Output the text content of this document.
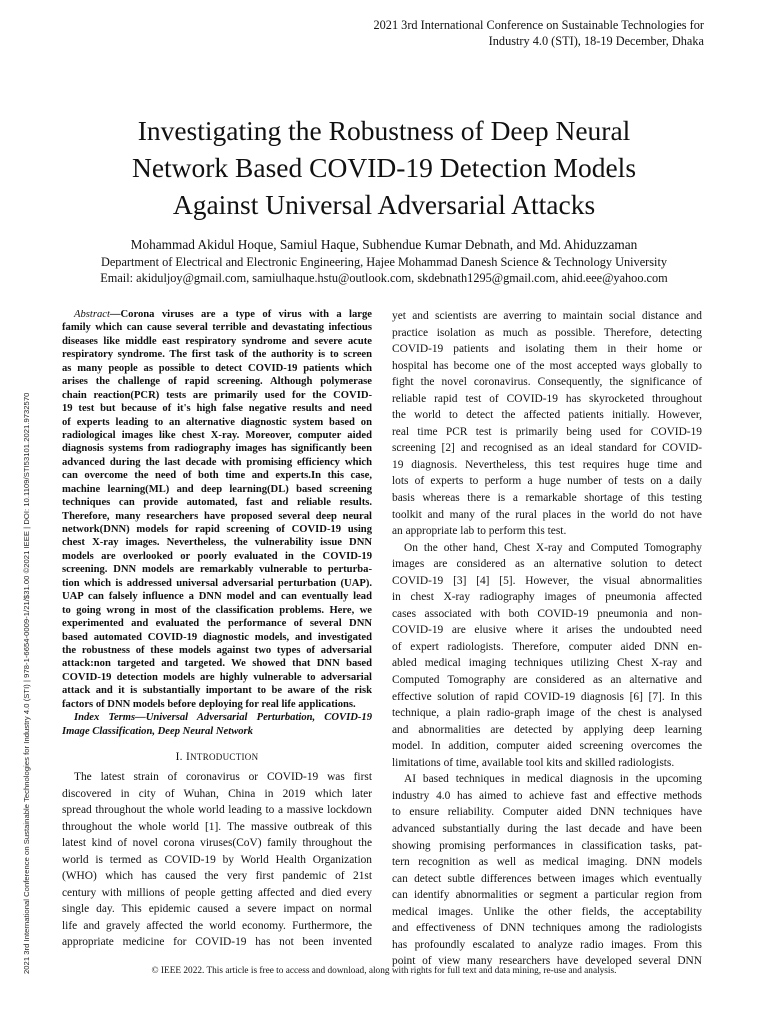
2021 3rd International Conference on Sustainable Technologies for Industry 4.0 (STI) | 978-1-6654-0009-1/21/$31.00 ©2021 IEEE | DOI: 10.1109/STI53101.2021.9732570
2021 3rd International Conference on Sustainable Technologies for
Industry 4.0 (STI), 18-19 December, Dhaka
Investigating the Robustness of Deep Neural
Network Based COVID-19 Detection Models
Against Universal Adversarial Attacks
Mohammad Akidul Hoque, Samiul Haque, Subhendue Kumar Debnath, and Md. Ahiduzzaman
Department of Electrical and Electronic Engineering, Hajee Mohammad Danesh Science & Technology University
Email: akiduljoy@gmail.com, samiulhaque.hstu@outlook.com, skdebnath1295@gmail.com, ahid.eee@yahoo.com
Abstract—Corona viruses are a type of virus with a large
family which can cause several terrible and devastating infectious
diseases like middle east respiratory syndrome and severe acute
respiratory syndrome. The first task of the authority is to screen
as many people as possible to detect COVID-19 patients which
arises the challenge of rapid screening. Although polymerase
chain reaction(PCR) tests are primarily used for the COVID-
19 test but because of it's high false negative results and need
of experts leading to an alternative diagnostic system based on
radiological images like chest X-ray. Moreover, computer aided
diagnosis systems from radiography images has significantly been
advanced during the last decade with promising efficiency which
can overcome the need of both time and experts.In this case,
machine learning(ML) and deep learning(DL) based screening
techniques can provide automated, fast and reliable results.
Therefore, many researchers have proposed several deep neural
network(DNN) models for rapid screening of COVID-19 using
chest X-ray images. Nevertheless, the vulnerability issue DNN
models are overlooked or poorly evaluated in the COVID-19
screening. DNN models are remarkably vulnerable to perturba-
tion which is addressed universal adversarial perturbation (UAP).
UAP can falsely influence a DNN model and can eventually lead
to going wrong in most of the classification problems. Here, we
experimented and evaluated the performance of several DNN
based automated COVID-19 diagnostic models, and investigated
the robustness of these models against two types of adversarial
attack:non targeted and targeted. We showed that DNN based
COVID-19 detection models are highly vulnerable to adversarial
attack and it is substantially important to be aware of the risk
factors of DNN models before deploying for real life applications.
Index Terms—Universal Adversarial Perturbation, COVID-19
Image Classification, Deep Neural Network
I. INTRODUCTION
The latest strain of coronavirus or COVID-19 was first
discovered in city of Wuhan, China in 2019 which later
spread throughout the whole world leading to a massive lockdown
throughout the whole world [1]. The massive outbreak of this
latest kind of novel corona viruses(CoV) family throughout the
world is termed as COVID-19 by World Health Organization
(WHO) which has caused the very first pandemic of 21st
century with millions of people getting affected and died every
single day. This epidemic caused a severe impact on normal
life and gravely affected the world economy. Furthermore, the
appropriate medicine for COVID-19 has not been invented
yet and scientists are averring to maintain social distance and
practice isolation as much as possible. Therefore, detecting
COVID-19 patients and isolating them in their home or
hospital has become one of the most accepted ways globally to
fight the novel coronavirus. Consequently, the significance of
reliable rapid test of COVID-19 has skyrocketed throughout
the world to detect the affected patients initially. However,
real time PCR test is primarily being used for COVID-19
screening [2] and recognised as an ideal standard for COVID-
19 diagnosis. Nevertheless, this test requires huge time and
lots of experts to perform a huge number of tests on a daily
basis whereas there is a remarkable shortage of this testing
toolkit and many of the rural places in the world do not have
an appropriate lab to perform this test.
On the other hand, Chest X-ray and Computed Tomography
images are considered as an alternative solution to detect
COVID-19 [3] [4] [5]. However, the visual abnormalities
in chest X-ray radiography images of pneumonia affected
cases associated with both COVID-19 pneumonia and non-
COVID-19 are elusive where it arises the undoubted need
of expert radiologists. Therefore, computer aided DNN en-
abled medical imaging techniques utilizing Chest X-ray and
Computed Tomography are considered as an alternative and
effective solution of rapid COVID-19 diagnosis [6] [7]. In this
technique, a plain radio-graph image of the chest is analysed
and abnormalities are detected by applying deep learning
model. In addition, computer aided screening overcomes the
limitations of time, available tool kits and skilled radiologists.
AI based techniques in medical diagnosis in the upcoming
industry 4.0 has aimed to achieve fast and effective methods
to ensure reliability. Computer aided DNN techniques have
advanced substantially during the last decade and have been
showing promising performances in classification tasks, pat-
tern recognition as well as medical imaging. DNN models
can detect subtle differences between images which eventually
can identify abnormalities or segment a particular region from
medical images. Unlike the other fields, the acceptability
and effectiveness of DNN techniques among the radiologists
has profoundly escalated to analyze radio images. From this
point of view many researchers have developed several DNN
© IEEE 2022. This article is free to access and download, along with rights for full text and data mining, re-use and analysis.
